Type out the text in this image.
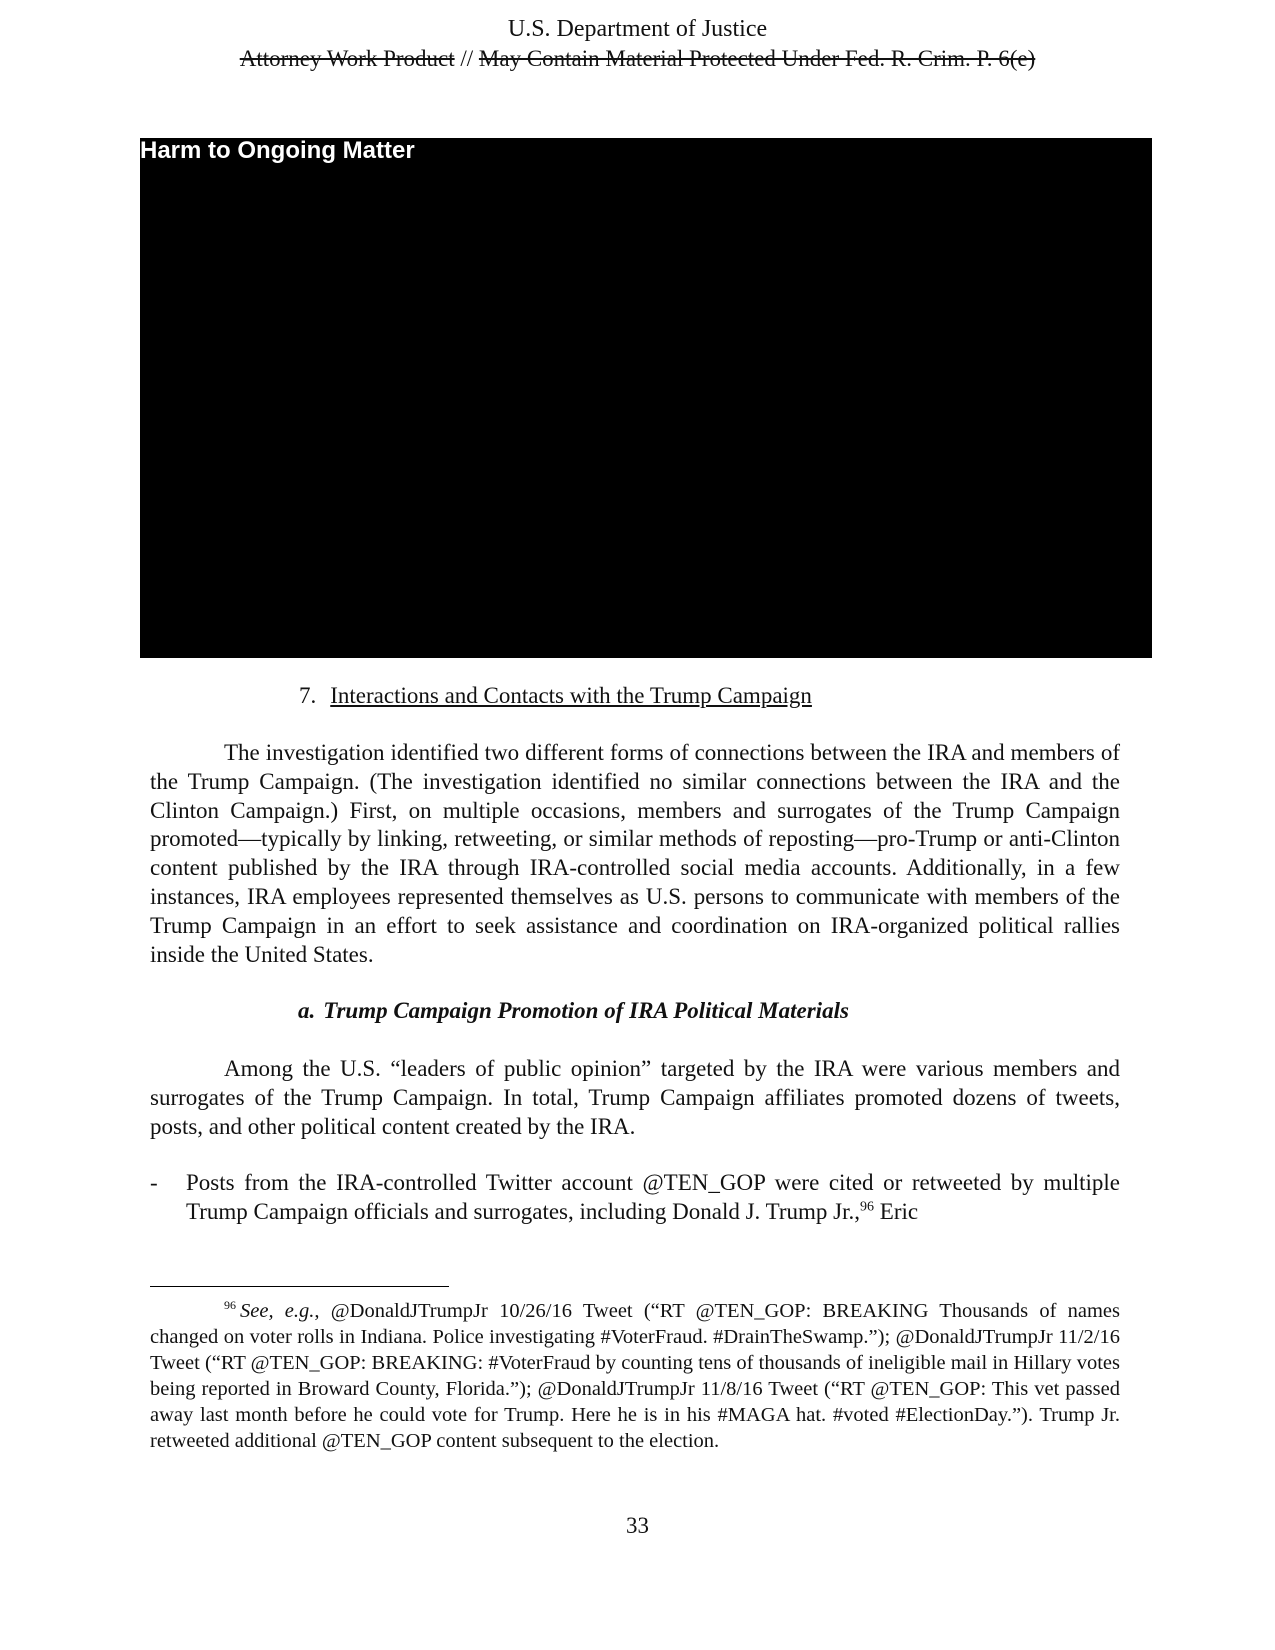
U.S. Department of Justice
Attorney Work Product // May Contain Material Protected Under Fed. R. Crim. P. 6(e)
Harm to Ongoing Matter
7. Interactions and Contacts with the Trump Campaign
The investigation identified two different forms of connections between the IRA and members of the Trump Campaign. (The investigation identified no similar connections between the IRA and the Clinton Campaign.) First, on multiple occasions, members and surrogates of the Trump Campaign promoted—typically by linking, retweeting, or similar methods of reposting—pro-Trump or anti-Clinton content published by the IRA through IRA-controlled social media accounts. Additionally, in a few instances, IRA employees represented themselves as U.S. persons to communicate with members of the Trump Campaign in an effort to seek assistance and coordination on IRA-organized political rallies inside the United States.
a. Trump Campaign Promotion of IRA Political Materials
Among the U.S. “leaders of public opinion” targeted by the IRA were various members and surrogates of the Trump Campaign. In total, Trump Campaign affiliates promoted dozens of tweets, posts, and other political content created by the IRA.
- Posts from the IRA-controlled Twitter account @TEN_GOP were cited or retweeted by multiple Trump Campaign officials and surrogates, including Donald J. Trump Jr.,$^{96}$ Eric
$^{96}$ See, e.g., @DonaldJTrumpJr 10/26/16 Tweet (“RT @TEN_GOP: BREAKING Thousands of names changed on voter rolls in Indiana. Police investigating #VoterFraud. #DrainTheSwamp.”); @DonaldJTrumpJr 11/2/16 Tweet (“RT @TEN_GOP: BREAKING: #VoterFraud by counting tens of thousands of ineligible mail in Hillary votes being reported in Broward County, Florida.”); @DonaldJTrumpJr 11/8/16 Tweet (“RT @TEN_GOP: This vet passed away last month before he could vote for Trump. Here he is in his #MAGA hat. #voted #ElectionDay.”). Trump Jr. retweeted additional @TEN_GOP content subsequent to the election.
33
